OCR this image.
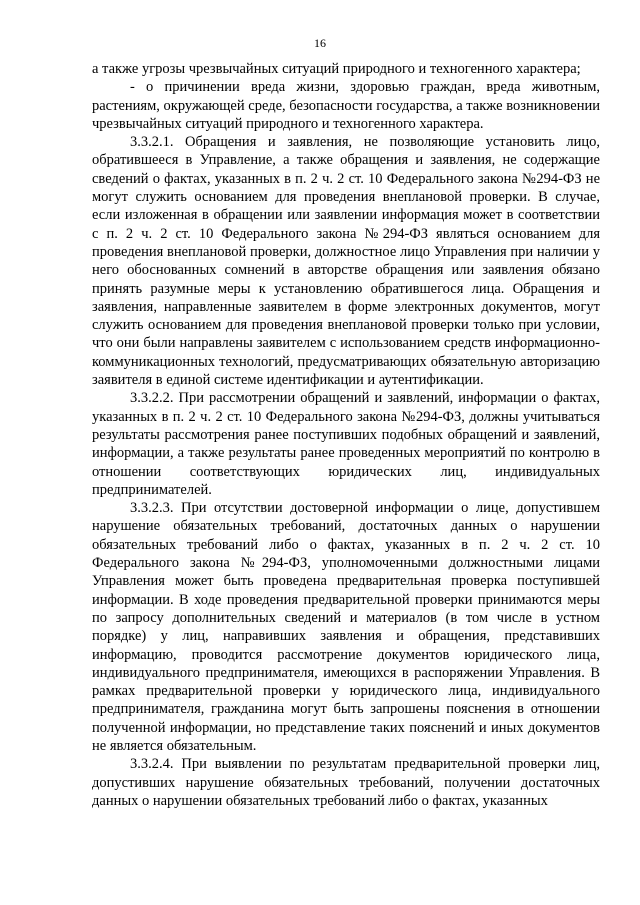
16

а также угрозы чрезвычайных ситуаций природного и техногенного характера;

- о причинении вреда жизни, здоровью граждан, вреда животным, растениям, окружающей среде, безопасности государства, а также возникновении чрезвычайных ситуаций природного и техногенного характера.

3.3.2.1. Обращения и заявления, не позволяющие установить лицо, обратившееся в Управление, а также обращения и заявления, не содержащие сведений о фактах, указанных в п. 2 ч. 2 ст. 10 Федерального закона №294-ФЗ не могут служить основанием для проведения внеплановой проверки. В случае, если изложенная в обращении или заявлении информация может в соответствии с п. 2 ч. 2 ст. 10 Федерального закона №294-ФЗ являться основанием для проведения внеплановой проверки, должностное лицо Управления при наличии у него обоснованных сомнений в авторстве обращения или заявления обязано принять разумные меры к установлению обратившегося лица. Обращения и заявления, направленные заявителем в форме электронных документов, могут служить основанием для проведения внеплановой проверки только при условии, что они были направлены заявителем с использованием средств информационно-коммуникационных технологий, предусматривающих обязательную авторизацию заявителя в единой системе идентификации и аутентификации.

3.3.2.2. При рассмотрении обращений и заявлений, информации о фактах, указанных в п. 2 ч. 2 ст. 10 Федерального закона №294-ФЗ, должны учитываться результаты рассмотрения ранее поступивших подобных обращений и заявлений, информации, а также результаты ранее проведенных мероприятий по контролю в отношении соответствующих юридических лиц, индивидуальных предпринимателей.

3.3.2.3. При отсутствии достоверной информации о лице, допустившем нарушение обязательных требований, достаточных данных о нарушении обязательных требований либо о фактах, указанных в п. 2 ч. 2 ст. 10 Федерального закона №294-ФЗ, уполномоченными должностными лицами Управления может быть проведена предварительная проверка поступившей информации. В ходе проведения предварительной проверки принимаются меры по запросу дополнительных сведений и материалов (в том числе в устном порядке) у лиц, направивших заявления и обращения, представивших информацию, проводится рассмотрение документов юридического лица, индивидуального предпринимателя, имеющихся в распоряжении Управления. В рамках предварительной проверки у юридического лица, индивидуального предпринимателя, гражданина могут быть запрошены пояснения в отношении полученной информации, но представление таких пояснений и иных документов не является обязательным.

3.3.2.4. При выявлении по результатам предварительной проверки лиц, допустивших нарушение обязательных требований, получении достаточных данных о нарушении обязательных требований либо о фактах, указанных
